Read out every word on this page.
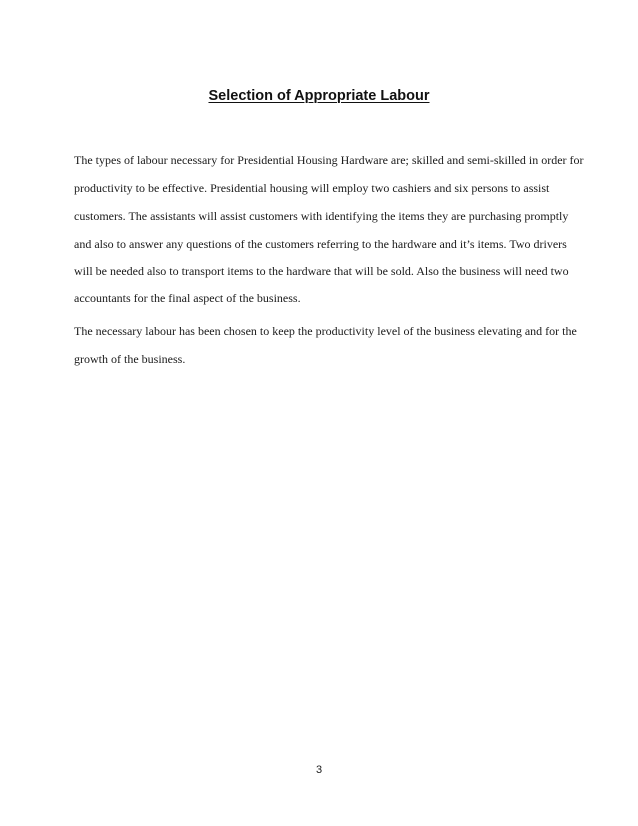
Selection of Appropriate Labour
The types of labour necessary for Presidential Housing Hardware are; skilled and semi-skilled in order for
productivity to be effective. Presidential housing will employ two cashiers and six persons to assist
customers. The assistants will assist customers with identifying the items they are purchasing promptly
and also to answer any questions of the customers referring to the hardware and it’s items. Two drivers
will be needed also to transport items to the hardware that will be sold. Also the business will need two
accountants for the final aspect of the business.
The necessary labour has been chosen to keep the productivity level of the business elevating and for the
growth of the business.
3
